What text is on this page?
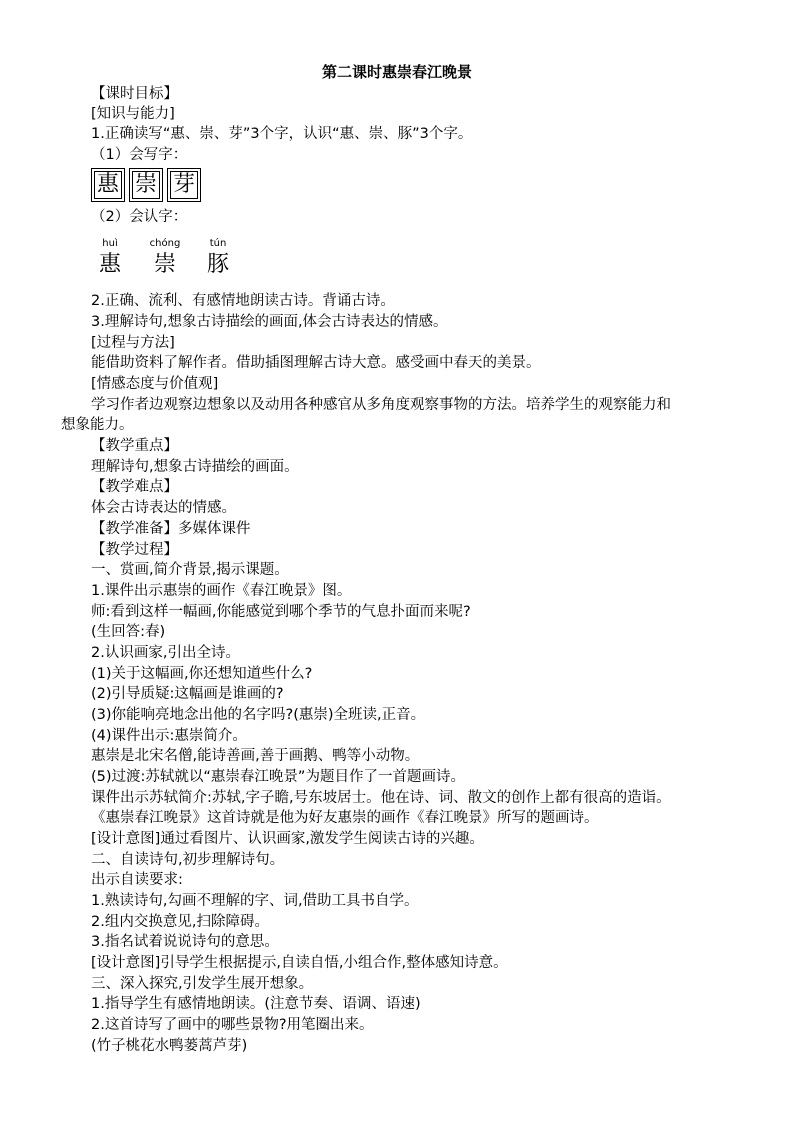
第二课时惠崇春江晚景
【课时目标】
[知识与能力]
1.正确读写“惠、崇、芽”3个字，认识“惠、崇、豚”3个字。
（1）会写字：
惠 崇 芽
（2）会认字：
huì
惠
chóng
崇
tún
豚
2.正确、流利、有感情地朗读古诗。背诵古诗。
3.理解诗句,想象古诗描绘的画面,体会古诗表达的情感。
[过程与方法]
能借助资料了解作者。借助插图理解古诗大意。感受画中春天的美景。
[情感态度与价值观]
学习作者边观察边想象以及动用各种感官从多角度观察事物的方法。培养学生的观察能力和
想象能力。
【教学重点】
理解诗句,想象古诗描绘的画面。
【教学难点】
体会古诗表达的情感。
【教学准备】多媒体课件
【教学过程】
一、赏画,简介背景,揭示课题。
1.课件出示惠崇的画作《春江晚景》图。
师:看到这样一幅画,你能感觉到哪个季节的气息扑面而来呢?
(生回答:春)
2.认识画家,引出全诗。
(1)关于这幅画,你还想知道些什么?
(2)引导质疑:这幅画是谁画的?
(3)你能响亮地念出他的名字吗?(惠崇)全班读,正音。
(4)课件出示:惠崇简介。
惠崇是北宋名僧,能诗善画,善于画鹅、鸭等小动物。
(5)过渡:苏轼就以“惠崇春江晚景”为题目作了一首题画诗。
课件出示苏轼简介:苏轼,字子瞻,号东坡居士。他在诗、词、散文的创作上都有很高的造诣。
《惠崇春江晚景》这首诗就是他为好友惠崇的画作《春江晚景》所写的题画诗。
[设计意图]通过看图片、认识画家,激发学生阅读古诗的兴趣。
二、自读诗句,初步理解诗句。
出示自读要求:
1.熟读诗句,勾画不理解的字、词,借助工具书自学。
2.组内交换意见,扫除障碍。
3.指名试着说说诗句的意思。
[设计意图]引导学生根据提示,自读自悟,小组合作,整体感知诗意。
三、深入探究,引发学生展开想象。
1.指导学生有感情地朗读。(注意节奏、语调、语速)
2.这首诗写了画中的哪些景物?用笔圈出来。
(竹子桃花水鸭蒌蒿芦芽)
